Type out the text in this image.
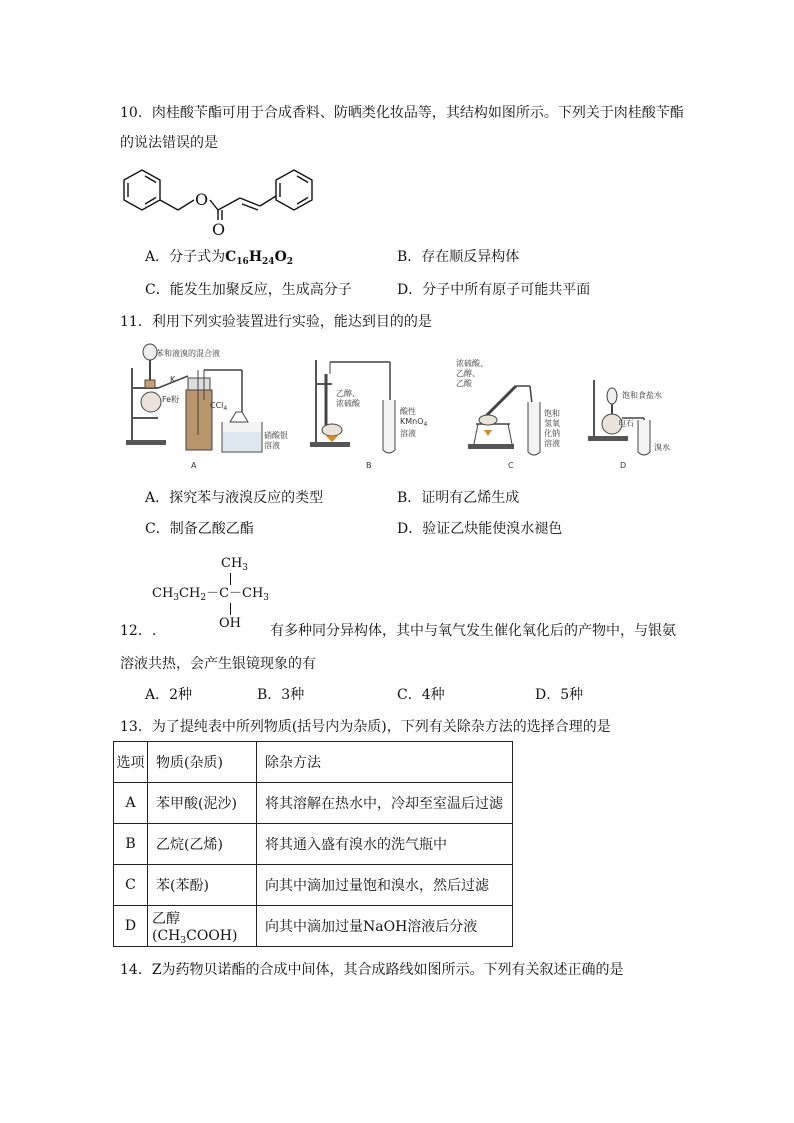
10．肉桂酸苄酯可用于合成香料、防晒类化妆品等，其结构如图所示。下列关于肉桂酸苄酯
的说法错误的是
O
O
A．分子式为$C_{16}H_{24}O_2$	B．存在顺反异构体
C．能发生加聚反应，生成高分子	D．分子中所有原子可能共平面
11．利用下列实验装置进行实验，能达到目的的是
苯和液溴的混合液
K
Fe粉
CCl$_4$
硝酸银
溶液
A
乙醇、
浓硫酸
酸性
KMnO$_4$
溶液
B
浓硫酸、
乙醇、
乙酸
饱和
氢氧
化钠
溶液
C
饱和食盐水
电石
溴水
D
A．探究苯与液溴反应的类型	B．证明有乙烯生成
C．制备乙酸乙酯	D．验证乙炔能使溴水褪色
$CH_3$
$CH_3CH_2-C-CH_3$
OH
12．.	有多种同分异构体，其中与氧气发生催化氧化后的产物中，与银氨
溶液共热，会产生银镜现象的有
A．2种	B．3种	C．4种	D．5种
13．为了提纯表中所列物质(括号内为杂质)，下列有关除杂方法的选择合理的是
选项	物质(杂质)	除杂方法
A	苯甲酸(泥沙)	将其溶解在热水中，冷却至室温后过滤
B	乙烷(乙烯)	将其通入盛有溴水的洗气瓶中
C	苯(苯酚)	向其中滴加过量饱和溴水，然后过滤
D	乙醇$(CH_3COOH)$	向其中滴加过量NaOH溶液后分液
14．Z为药物贝诺酯的合成中间体，其合成路线如图所示。下列有关叙述正确的是
